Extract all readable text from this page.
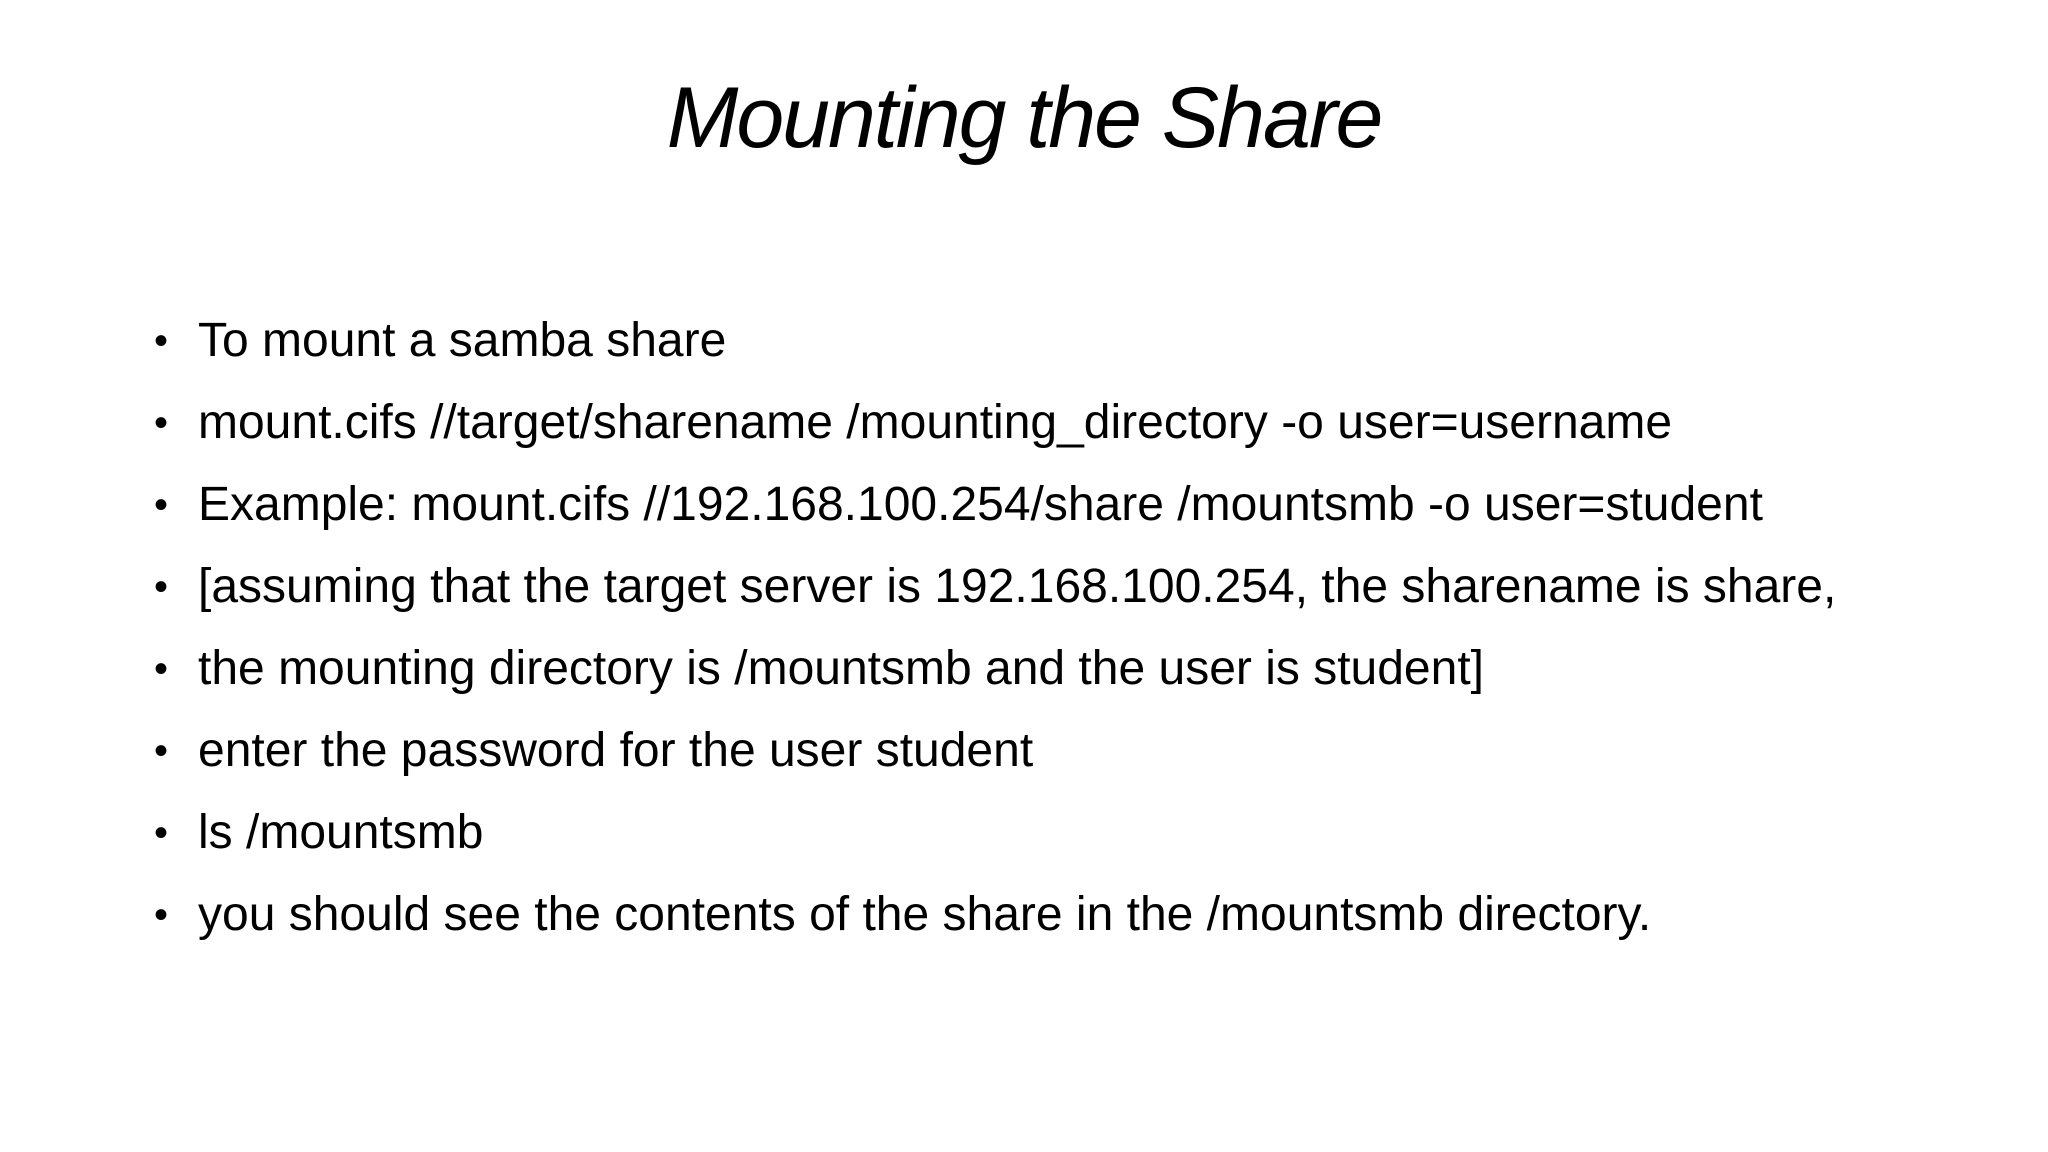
Mounting the Share
• To mount a samba share
• mount.cifs //target/sharename /mounting_directory -o user=username
• Example: mount.cifs //192.168.100.254/share /mountsmb -o user=student
• [assuming that the target server is 192.168.100.254, the sharename is share,
• the mounting directory is /mountsmb and the user is student]
• enter the password for the user student
• ls /mountsmb
• you should see the contents of the share in the /mountsmb directory.
